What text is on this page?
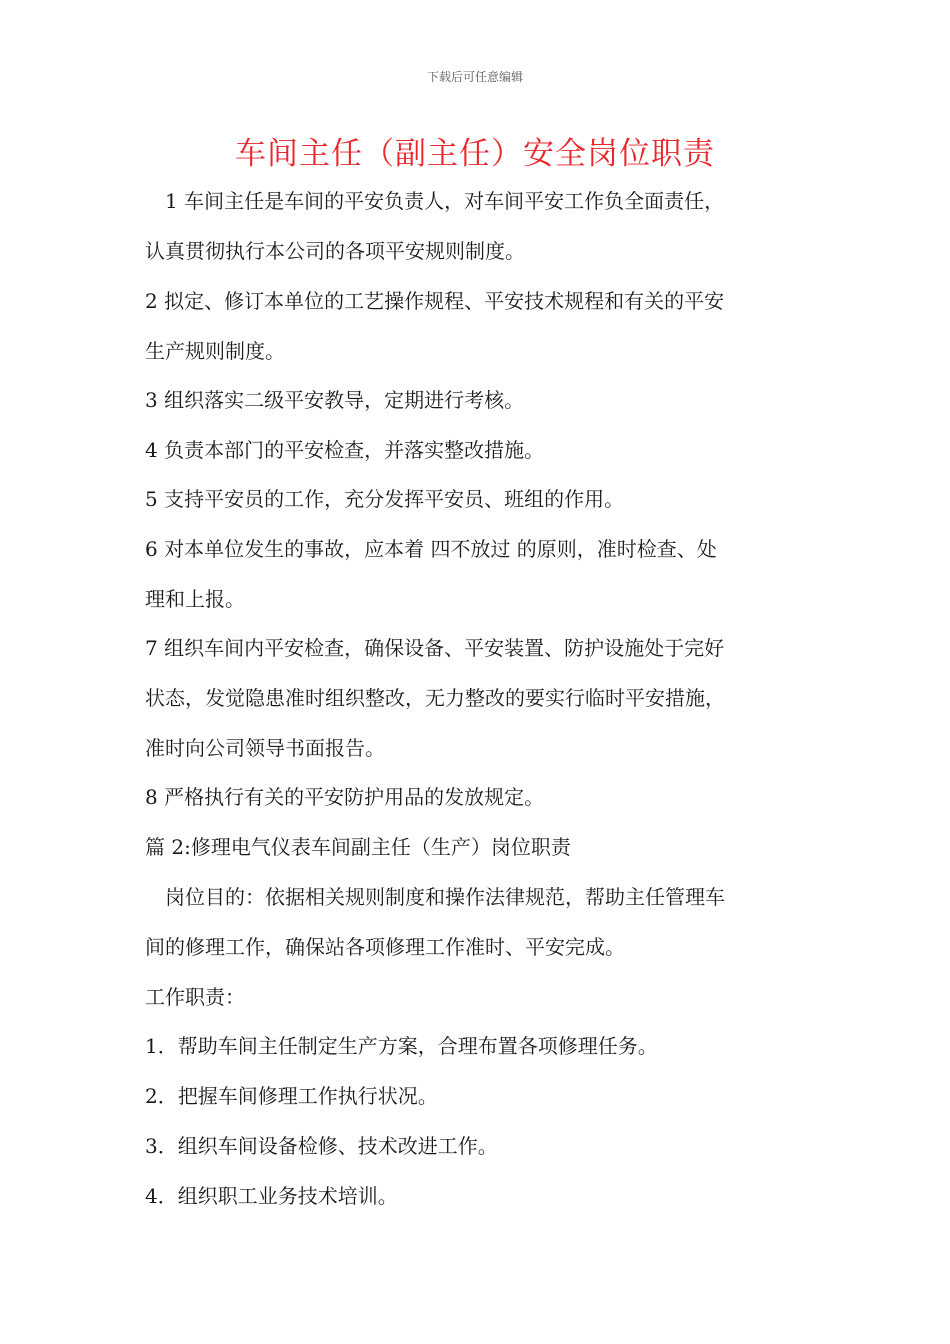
下载后可任意编辑
车间主任（副主任）安全岗位职责
　1 车间主任是车间的平安负责人，对车间平安工作负全面责任，
认真贯彻执行本公司的各项平安规则制度。
2 拟定、修订本单位的工艺操作规程、平安技术规程和有关的平安
生产规则制度。
3 组织落实二级平安教导，定期进行考核。
4 负责本部门的平安检查，并落实整改措施。
5 支持平安员的工作，充分发挥平安员、班组的作用。
6 对本单位发生的事故，应本着 四不放过 的原则，准时检查、处
理和上报。
7 组织车间内平安检查，确保设备、平安装置、防护设施处于完好
状态，发觉隐患准时组织整改，无力整改的要实行临时平安措施，
准时向公司领导书面报告。
8 严格执行有关的平安防护用品的发放规定。
篇 2:修理电气仪表车间副主任（生产）岗位职责
　岗位目的：依据相关规则制度和操作法律规范，帮助主任管理车
间的修理工作，确保站各项修理工作准时、平安完成。
工作职责：
1．帮助车间主任制定生产方案，合理布置各项修理任务。
2．把握车间修理工作执行状况。
3．组织车间设备检修、技术改进工作。
4．组织职工业务技术培训。
